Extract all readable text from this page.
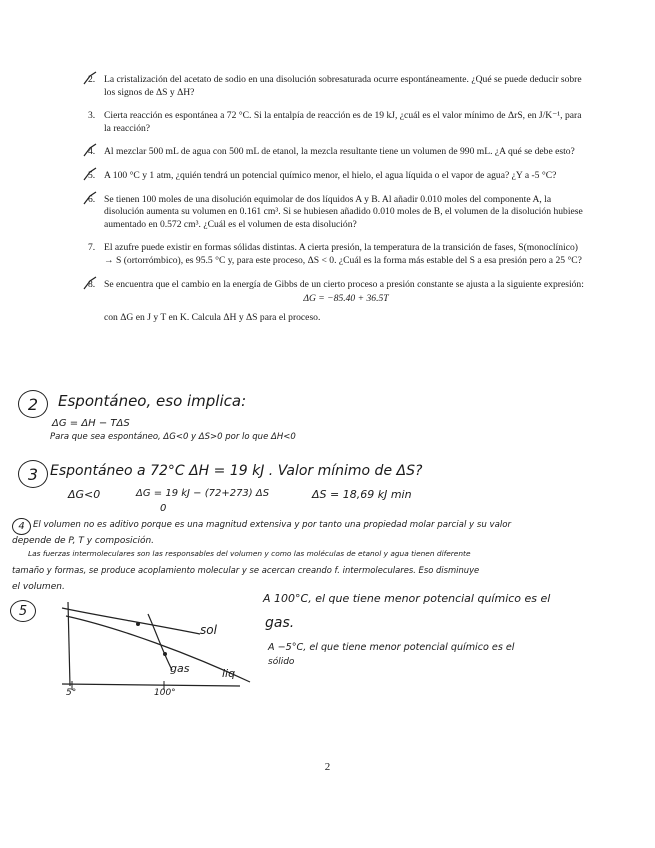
2. La cristalización del acetato de sodio en una disolución sobresaturada ocurre espontáneamente. ¿Qué se puede deducir sobre los signos de ΔS y ΔH?
3. Cierta reacción es espontánea a 72 °C. Si la entalpía de reacción es de 19 kJ, ¿cuál es el valor mínimo de ΔrS, en J/K⁻¹, para la reacción?
4. Al mezclar 500 mL de agua con 500 mL de etanol, la mezcla resultante tiene un volumen de 990 mL. ¿A qué se debe esto?
5. A 100 °C y 1 atm, ¿quién tendrá un potencial químico menor, el hielo, el agua líquida o el vapor de agua? ¿Y a -5 °C?
6. Se tienen 100 moles de una disolución equimolar de dos líquidos A y B. Al añadir 0.010 moles del componente A, la disolución aumenta su volumen en 0.161 cm³. Si se hubiesen añadido 0.010 moles de B, el volumen de la disolución hubiese aumentado en 0.572 cm³. ¿Cuál es el volumen de esta disolución?
7. El azufre puede existir en formas sólidas distintas. A cierta presión, la temperatura de la transición de fases, S(monoclínico) → S (ortorrómbico), es 95.5 °C y, para este proceso, ΔS < 0. ¿Cuál es la forma más estable del S a esa presión pero a 25 °C?
8. Se encuentra que el cambio en la energía de Gibbs de un cierto proceso a presión constante se ajusta a la siguiente expresión:
ΔG = −85.40 + 36.5T
con ΔG en J y T en K. Calcula ΔH y ΔS para el proceso.
2 Espontáneo, eso implica:
ΔG = ΔH − TΔS
Para que sea espontáneo, ΔG<0 y ΔS>0 por lo que ΔH<0
3 Espontáneo a 72°C ΔH = 19 kJ . Valor mínimo de ΔS?
ΔG<0	ΔG = 19 kJ − (72+273) ΔS	ΔS = 18,69 kJ min
0
4 El volumen no es aditivo porque es una magnitud extensiva y por tanto una propiedad molar parcial y su valor
depende de P, T y composición.
Las fuerzas intermoleculares son las responsables del volumen y como las moléculas de etanol y agua tienen diferente
tamaño y formas, se produce acoplamiento molecular y se acercan creando f. intermoleculares. Eso disminuye
el volumen.
5
sol
gas	liq
5°	100°
A 100°C, el que tiene menor potencial químico es el
gas.
A −5°C, el que tiene menor potencial químico es el
sólido
2
